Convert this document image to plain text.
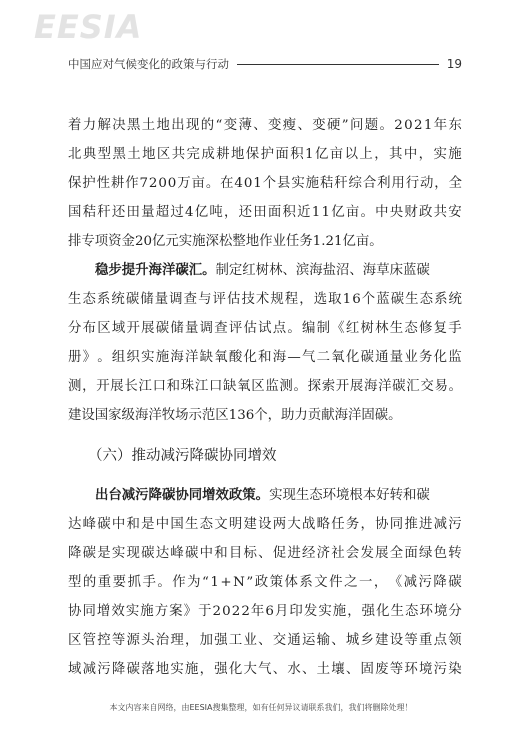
EESIA
中国应对气候变化的政策与行动	19
着 力 解 决 黑 土 地 出 现 的 “ 变 薄 、 变 瘦 、 变 硬 ” 问 题 。 2 0 2 1 年 东
北 典 型 黑 土 地 区 共 完 成 耕 地 保 护 面 积 1 亿 亩 以 上 ， 其 中 ， 实 施
保 护 性 耕 作 7 2 0 0 万 亩 。 在 4 0 1 个 县 实 施 秸 秆 综 合 利 用 行 动 ， 全
国 秸 秆 还 田 量 超 过 4 亿 吨 ， 还 田 面 积 近 1 1 亿 亩 。 中 央 财 政 共 安
排专项资金20亿元实施深松整地作业任务1.21亿亩。
稳步提升海洋碳汇。制定红树林、滨海盐沼、海草床蓝碳
生 态 系 统 碳 储 量 调 查 与 评 估 技 术 规 程 ， 选 取 1 6 个 蓝 碳 生 态 系 统
分 布 区 域 开 展 碳 储 量 调 查 评 估 试 点 。 编 制 《 红 树 林 生 态 修 复 手
册 》 。 组 织 实 施 海 洋 缺 氧 酸 化 和 海 — 气 二 氧 化 碳 通 量 业 务 化 监
测 ， 开 展 长 江 口 和 珠 江 口 缺 氧 区 监 测 。 探 索 开 展 海 洋 碳 汇 交 易 。
建设国家级海洋牧场示范区136个，助力贡献海洋固碳。
（六）推动减污降碳协同增效
出台减污降碳协同增效政策。实现生态环境根本好转和碳
达 峰 碳 中 和 是 中 国 生 态 文 明 建 设 两 大 战 略 任 务 ， 协 同 推 进 减 污
降 碳 是 实 现 碳 达 峰 碳 中 和 目 标 、 促 进 经 济 社 会 发 展 全 面 绿 色 转
型 的 重 要 抓 手 。 作 为 “ 1 + N ” 政 策 体 系 文 件 之 一 ， 《 减 污 降 碳
协 同 增 效 实 施 方 案 》 于 2 0 2 2 年 6 月 印 发 实 施 ， 强 化 生 态 环 境 分
区 管 控 等 源 头 治 理 ， 加 强 工 业 、 交 通 运 输 、 城 乡 建 设 等 重 点 领
域 减 污 降 碳 落 地 实 施 ， 强 化 大 气 、 水 、 土 壤 、 固 废 等 环 境 污 染
本文内容来自网络，由EESIA搜集整理，如有任何异议请联系我们，我们将删除处理！
